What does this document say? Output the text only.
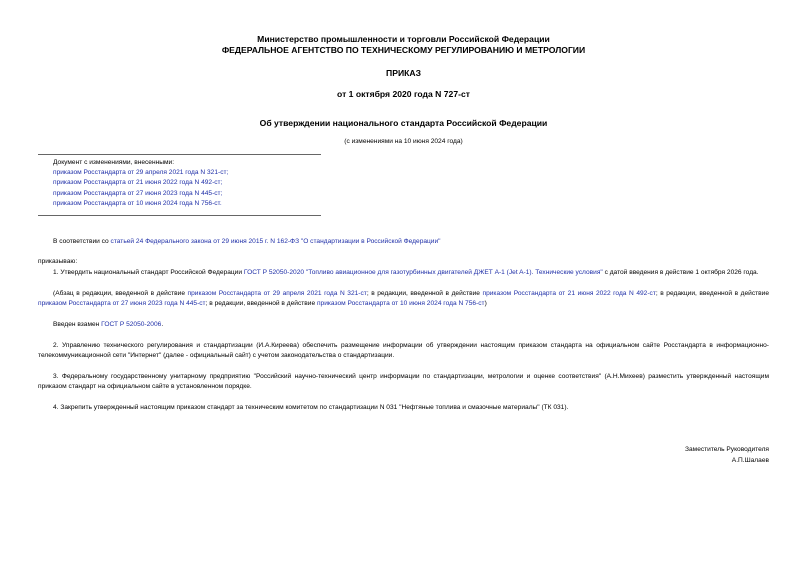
Министерство промышленности и торговли Российской Федерации
ФЕДЕРАЛЬНОЕ АГЕНТСТВО ПО ТЕХНИЧЕСКОМУ РЕГУЛИРОВАНИЮ И МЕТРОЛОГИИ
ПРИКАЗ
от 1 октября 2020 года N 727-ст
Об утверждении национального стандарта Российской Федерации
(с изменениями на 10 июня 2024 года)
Документ с изменениями, внесенными:
приказом Росстандарта от 29 апреля 2021 года N 321-ст;
приказом Росстандарта от 21 июня 2022 года N 492-ст;
приказом Росстандарта от 27 июня 2023 года N 445-ст;
приказом Росстандарта от 10 июня 2024 года N 756-ст.
В соответствии со статьей 24 Федерального закона от 29 июня 2015 г. N 162-ФЗ "О стандартизации в Российской Федерации"
приказываю:
1. Утвердить национальный стандарт Российской Федерации ГОСТ Р 52050-2020 "Топливо авиационное для газотурбинных двигателей ДЖЕТ А-1 (Jet A-1). Технические условия" с датой введения в действие 1 октября 2026 года.
(Абзац в редакции, введенной в действие приказом Росстандарта от 29 апреля 2021 года N 321-ст; в редакции, введенной в действие приказом Росстандарта от 21 июня 2022 года N 492-ст; в редакции, введенной в действие приказом Росстандарта от 27 июня 2023 года N 445-ст; в редакции, введенной в действие приказом Росстандарта от 10 июня 2024 года N 756-ст)
Введен взамен ГОСТ Р 52050-2006.
2. Управлению технического регулирования и стандартизации (И.А.Киреева) обеспечить размещение информации об утверждении настоящим приказом стандарта на официальном сайте Росстандарта в информационно-телекоммуникационной сети "Интернет" (далее - официальный сайт) с учетом законодательства о стандартизации.
3. Федеральному государственному унитарному предприятию "Российский научно-технический центр информации по стандартизации, метрологии и оценке соответствия" (А.Н.Михеев) разместить утвержденный настоящим приказом стандарт на официальном сайте в установленном порядке.
4. Закрепить утвержденный настоящим приказом стандарт за техническим комитетом по стандартизации N 031 "Нефтяные топлива и смазочные материалы" (ТК 031).
Заместитель Руководителя
А.П.Шалаев
